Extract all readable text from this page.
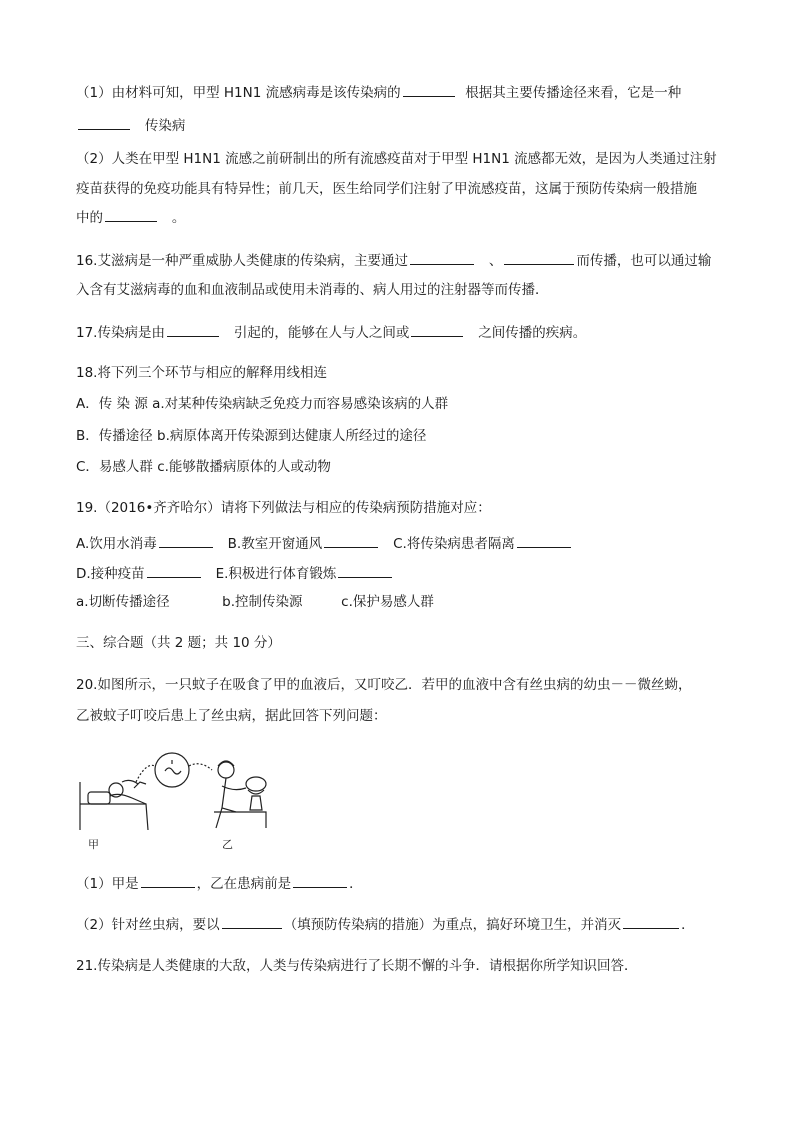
（1）由材料可知，甲型 H1N1 流感病毒是该传染病的	根据其主要传播途径来看，它是一种
传染病
（2）人类在甲型 H1N1 流感之前研制出的所有流感疫苗对于甲型 H1N1 流感都无效，是因为人类通过注射
疫苗获得的免疫功能具有特异性；前几天，医生给同学们注射了甲流感疫苗，这属于预防传染病一般措施
中的	。
16.艾滋病是一种严重威胁人类健康的传染病，主要通过	、	而传播，也可以通过输
入含有艾滋病毒的血和血液制品或使用未消毒的、病人用过的注射器等而传播．
17.传染病是由	引起的，能够在人与人之间或	之间传播的疾病。
18.将下列三个环节与相应的解释用线相连
A．传 染 源 a.对某种传染病缺乏免疫力而容易感染该病的人群
B．传播途径 b.病原体离开传染源到达健康人所经过的途径
C．易感人群 c.能够散播病原体的人或动物
19.（2016•齐齐哈尔）请将下列做法与相应的传染病预防措施对应：
A.饮用水消毒	B.教室开窗通风	C.将传染病患者隔离
D.接种疫苗	E.积极进行体育锻炼
a.切断传播途径	b.控制传染源	c.保护易感人群
三、综合题（共 2 题；共 10 分）
20.如图所示，一只蚊子在吸食了甲的血液后，又叮咬乙．若甲的血液中含有丝虫病的幼虫－－微丝蚴，
乙被蚊子叮咬后患上了丝虫病，据此回答下列问题：
甲	乙
（1）甲是	，乙在患病前是	．
（2）针对丝虫病，要以	（填预防传染病的措施）为重点，搞好环境卫生，并消灭	．
21.传染病是人类健康的大敌，人类与传染病进行了长期不懈的斗争．请根据你所学知识回答．
